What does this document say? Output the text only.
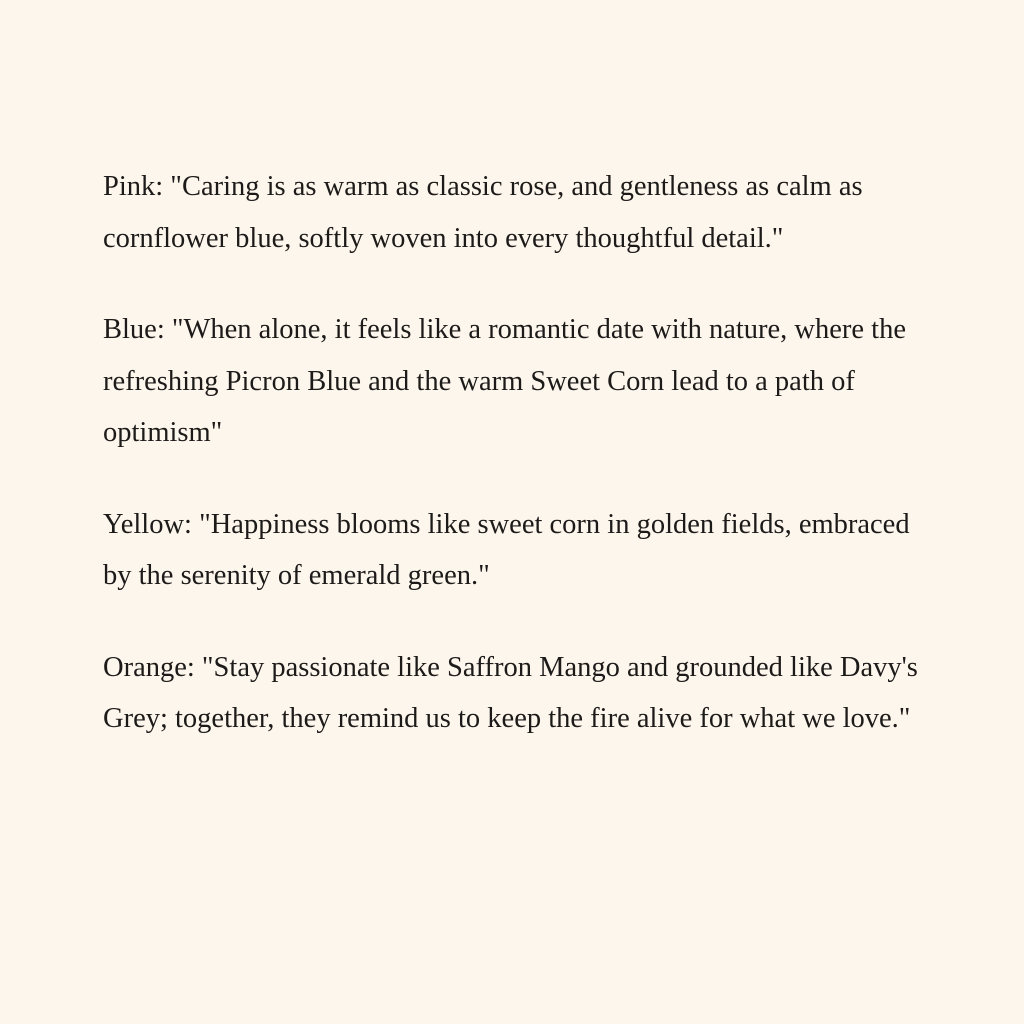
Pink: "Caring is as warm as classic rose, and gentleness as calm as cornflower blue, softly woven into every thoughtful detail."

Blue: "When alone, it feels like a romantic date with nature, where the refreshing Picron Blue and the warm Sweet Corn lead to a path of optimism"

Yellow: "Happiness blooms like sweet corn in golden fields, embraced by the serenity of emerald green."

Orange: "Stay passionate like Saffron Mango and grounded like Davy's Grey; together, they remind us to keep the fire alive for what we love."
